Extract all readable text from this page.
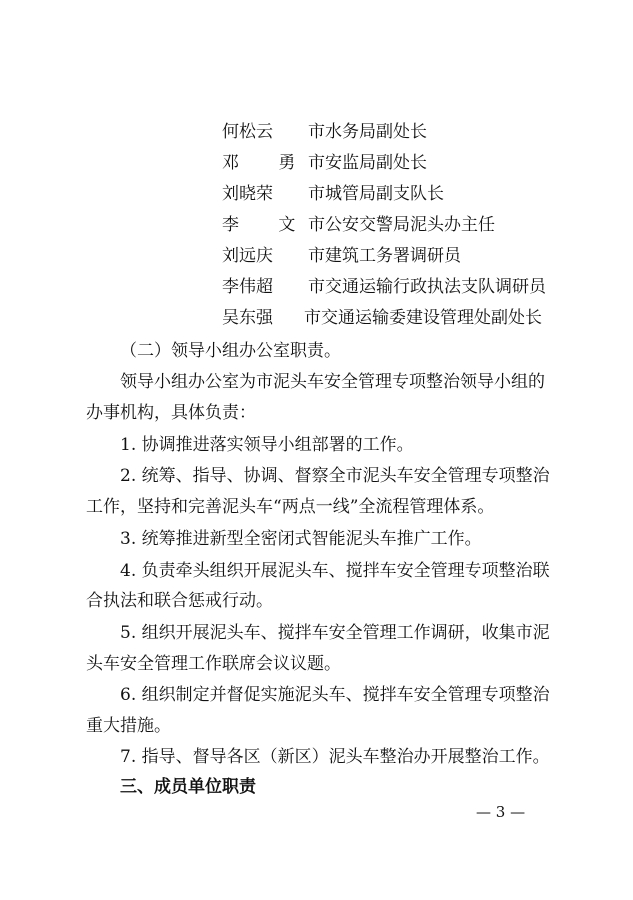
何松云 市水务局副处长
邓 勇市安监局副处长
刘晓荣 市城管局副支队长
李 文市公安交警局泥头办主任
刘远庆 市建筑工务署调研员
李伟超 市交通运输行政执法支队调研员
吴东强 市交通运输委建设管理处副处长
（二）领导小组办公室职责。
领导小组办公室为市泥头车安全管理专项整治领导小组的
办事机构，具体负责：
1. 协调推进落实领导小组部署的工作。
2. 统筹、指导、协调、督察全市泥头车安全管理专项整治
工作，坚持和完善泥头车“两点一线”全流程管理体系。
3. 统筹推进新型全密闭式智能泥头车推广工作。
4. 负责牵头组织开展泥头车、搅拌车安全管理专项整治联
合执法和联合惩戒行动。
5. 组织开展泥头车、搅拌车安全管理工作调研，收集市泥
头车安全管理工作联席会议议题。
6. 组织制定并督促实施泥头车、搅拌车安全管理专项整治
重大措施。
7. 指导、督导各区（新区）泥头车整治办开展整治工作。
三、成员单位职责
— 3 —
